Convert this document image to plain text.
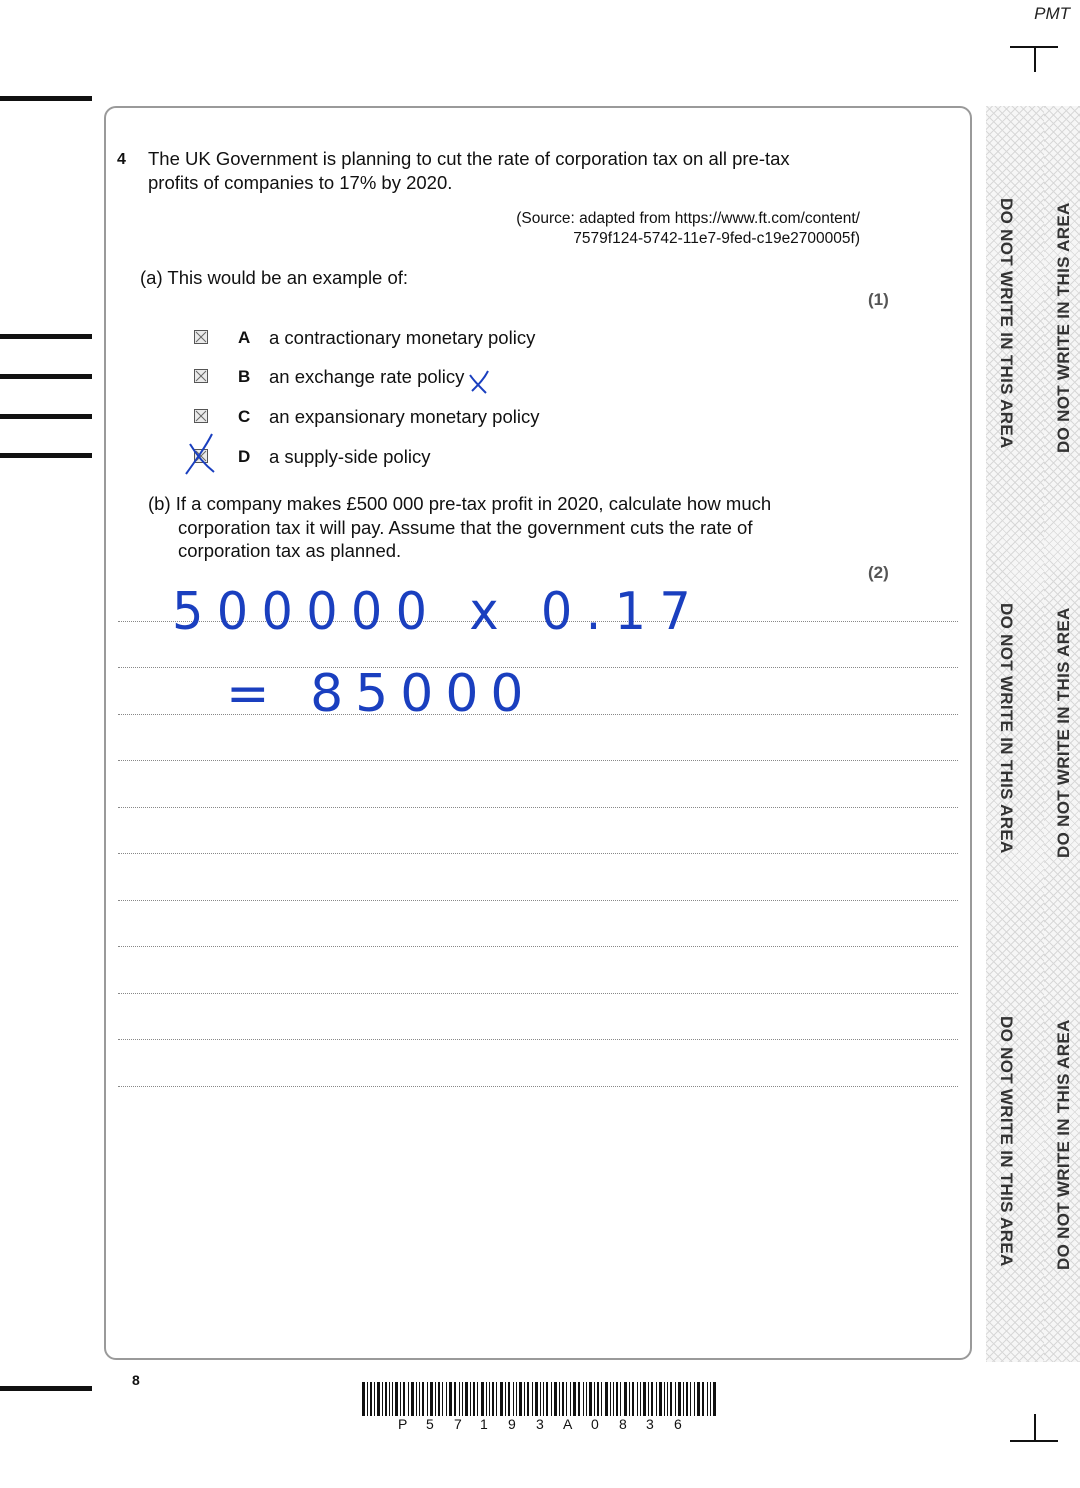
PMT
4 The UK Government is planning to cut the rate of corporation tax on all pre-tax
profits of companies to 17% by 2020.
(Source: adapted from https://www.ft.com/content/
7579f124-5742-11e7-9fed-c19e2700005f)
(a) This would be an example of:
(1)
A a contractionary monetary policy
B an exchange rate policy
C an expansionary monetary policy
D a supply-side policy
(b) If a company makes £500 000 pre-tax profit in 2020, calculate how much
corporation tax it will pay. Assume that the government cuts the rate of
corporation tax as planned.
(2)
500000 x 0.17
= 85000
DO NOT WRITE IN THIS AREA
DO NOT WRITE IN THIS AREA
DO NOT WRITE IN THIS AREA
DO NOT WRITE IN THIS AREA
DO NOT WRITE IN THIS AREA
DO NOT WRITE IN THIS AREA
8
P 5 7 1 9 3 A 0 8 3 6
